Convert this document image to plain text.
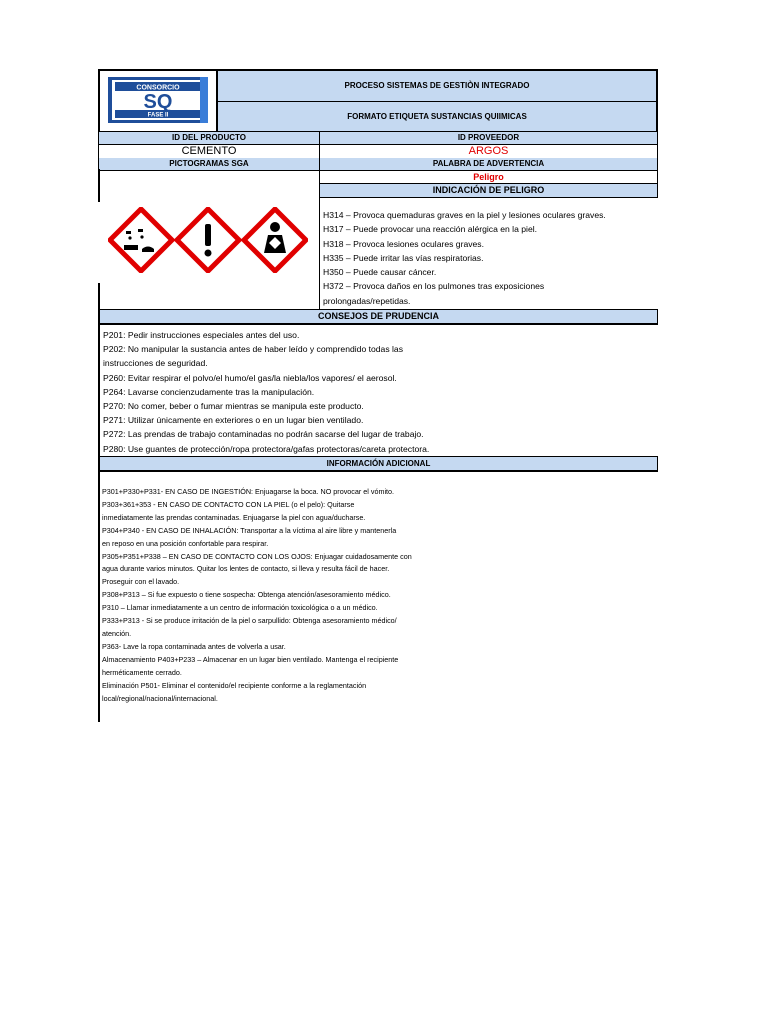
CONSORCIO
SQ
FASE II
PROCESO SISTEMAS DE GESTIÒN INTEGRADO
FORMATO ETIQUETA SUSTANCIAS QUIIMICAS
ID DEL PRODUCTO
CEMENTO
PICTOGRAMAS SGA
ID PROVEEDOR
ARGOS
PALABRA DE ADVERTENCIA
Peligro
INDICACIÓN DE PELIGRO
H314 – Provoca quemaduras graves en la piel y lesiones oculares graves.
H317 – Puede provocar una reacción alérgica en la piel.
H318 – Provoca lesiones oculares graves.
H335 – Puede irritar las vías respiratorias.
H350 – Puede causar cáncer.
H372 – Provoca daños en los pulmones tras exposiciones
prolongadas/repetidas.
CONSEJOS DE PRUDENCIA
P201: Pedir instrucciones especiales antes del uso.
P202: No manipular la sustancia antes de haber leído y comprendido todas las
instrucciones de seguridad.
P260: Evitar respirar el polvo/el humo/el gas/la niebla/los vapores/ el aerosol.
P264: Lavarse concienzudamente tras la manipulación.
P270: No comer, beber o fumar mientras se manipula este producto.
P271: Utilizar únicamente en exteriores o en un lugar bien ventilado.
P272: Las prendas de trabajo contaminadas no podrán sacarse del lugar de trabajo.
P280: Use guantes de protección/ropa protectora/gafas protectoras/careta protectora.
INFORMACIÓN ADICIONAL
P301+P330+P331- EN CASO DE INGESTIÓN: Enjuagarse la boca. NO provocar el vómito.
P303+361+353 - EN CASO DE CONTACTO CON LA PIEL (o el pelo): Quitarse
inmediatamente las prendas contaminadas. Enjuagarse la piel con agua/ducharse.
P304+P340 - EN CASO DE INHALACIÓN: Transportar a la víctima al aire libre y mantenerla
en reposo en una posición confortable para respirar.
P305+P351+P338 – EN CASO DE CONTACTO CON LOS OJOS: Enjuagar cuidadosamente con
agua durante varios minutos. Quitar los lentes de contacto, si lleva y resulta fácil de hacer.
Proseguir con el lavado.
P308+P313 – Si fue expuesto o tiene sospecha: Obtenga atención/asesoramiento médico.
P310 – Llamar inmediatamente a un centro de información toxicológica o a un médico.
P333+P313 - Si se produce irritación de la piel o sarpullido: Obtenga asesoramiento médico/
atención.
P363- Lave la ropa contaminada antes de volverla a usar.
Almacenamiento P403+P233 – Almacenar en un lugar bien ventilado. Mantenga el recipiente
herméticamente cerrado.
Eliminación P501- Eliminar el contenido/el recipiente conforme a la reglamentación
local/regional/nacional/internacional.
